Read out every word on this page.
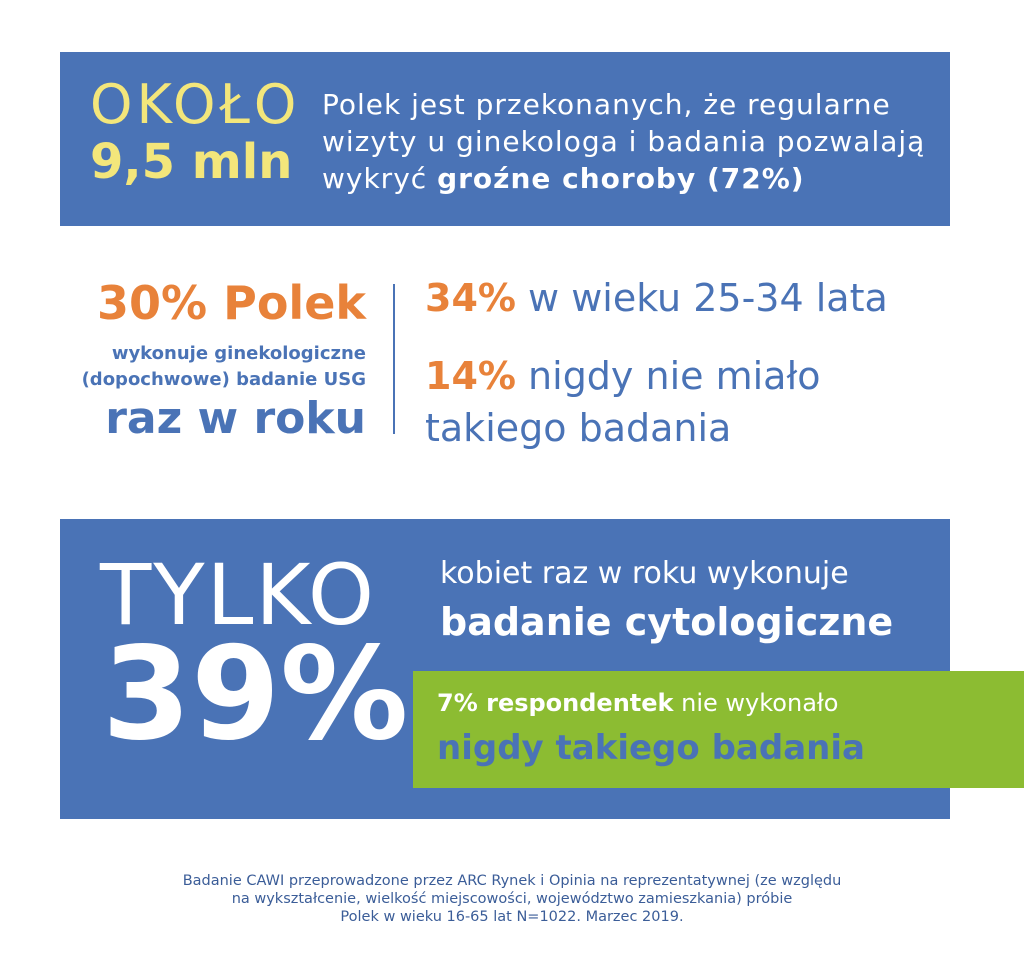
OKOŁO
9,5 mln
Polek jest przekonanych, że regularne
wizyty u ginekologa i badania pozwalają
wykryć groźne choroby (72%)
30% Polek
wykonuje ginekologiczne
(dopochwowe) badanie USG
raz w roku
34% w wieku 25-34 lata
14% nigdy nie miało
takiego badania
TYLKO
39%
kobiet raz w roku wykonuje
badanie cytologiczne
7% respondentek nie wykonało
nigdy takiego badania
Badanie CAWI przeprowadzone przez ARC Rynek i Opinia na reprezentatywnej (ze względu
na wykształcenie, wielkość miejscowości, województwo zamieszkania) próbie
Polek w wieku 16-65 lat N=1022. Marzec 2019.
